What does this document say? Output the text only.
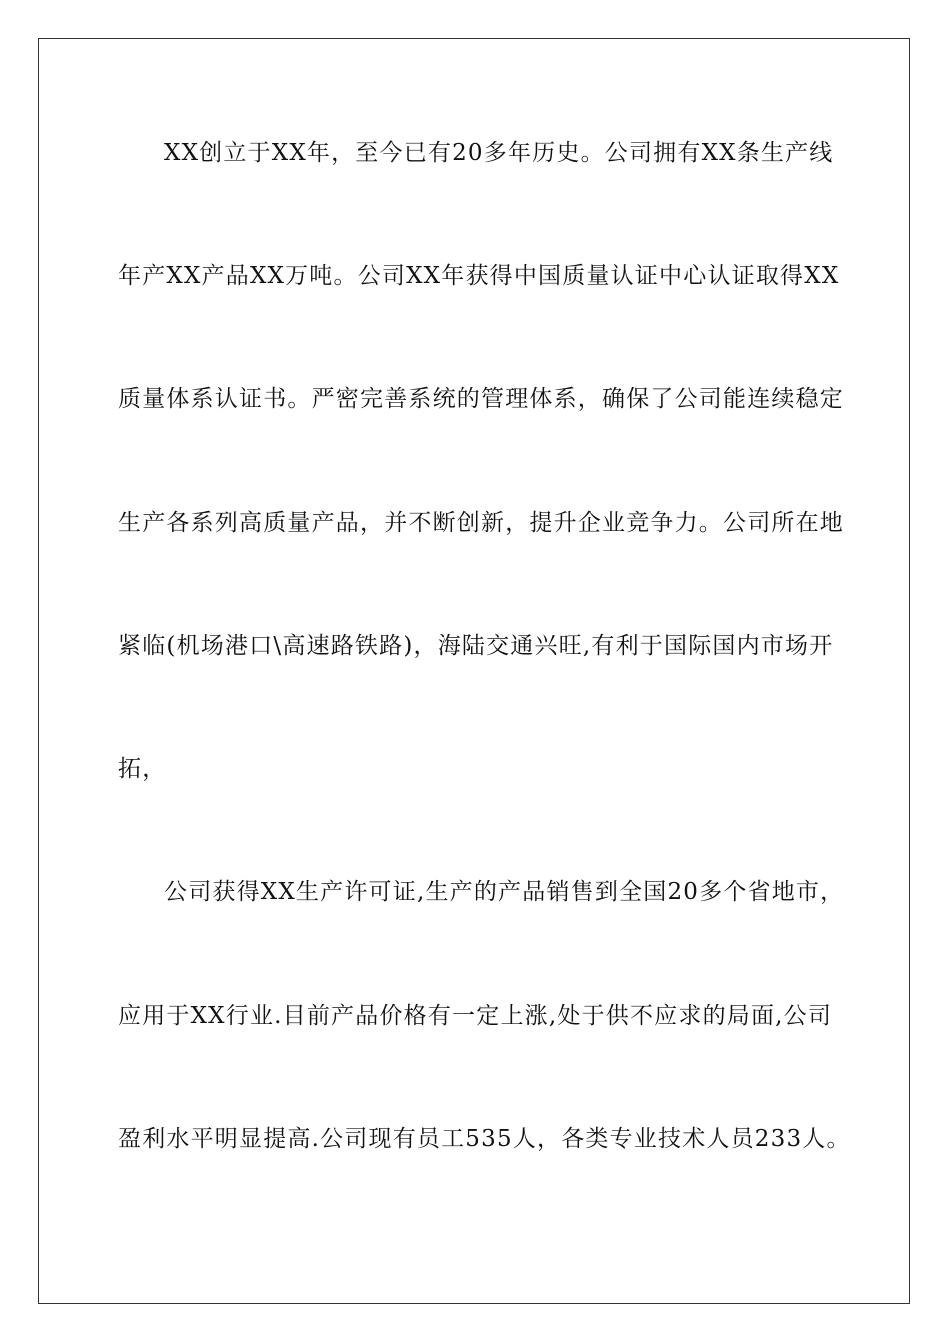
XX创立于XX年，至今已有20多年历史。公司拥有XX条生产线
年产XX产品XX万吨。公司XX年获得中国质量认证中心认证取得XX
质量体系认证书。严密完善系统的管理体系，确保了公司能连续稳定
生产各系列高质量产品，并不断创新，提升企业竞争力。公司所在地
紧临(机场港口\高速路铁路)，海陆交通兴旺,有利于国际国内市场开
拓，
公司获得XX生产许可证,生产的产品销售到全国20多个省地市，
应用于XX行业.目前产品价格有一定上涨,处于供不应求的局面,公司
盈利水平明显提高.公司现有员工535人，各类专业技术人员233人。
